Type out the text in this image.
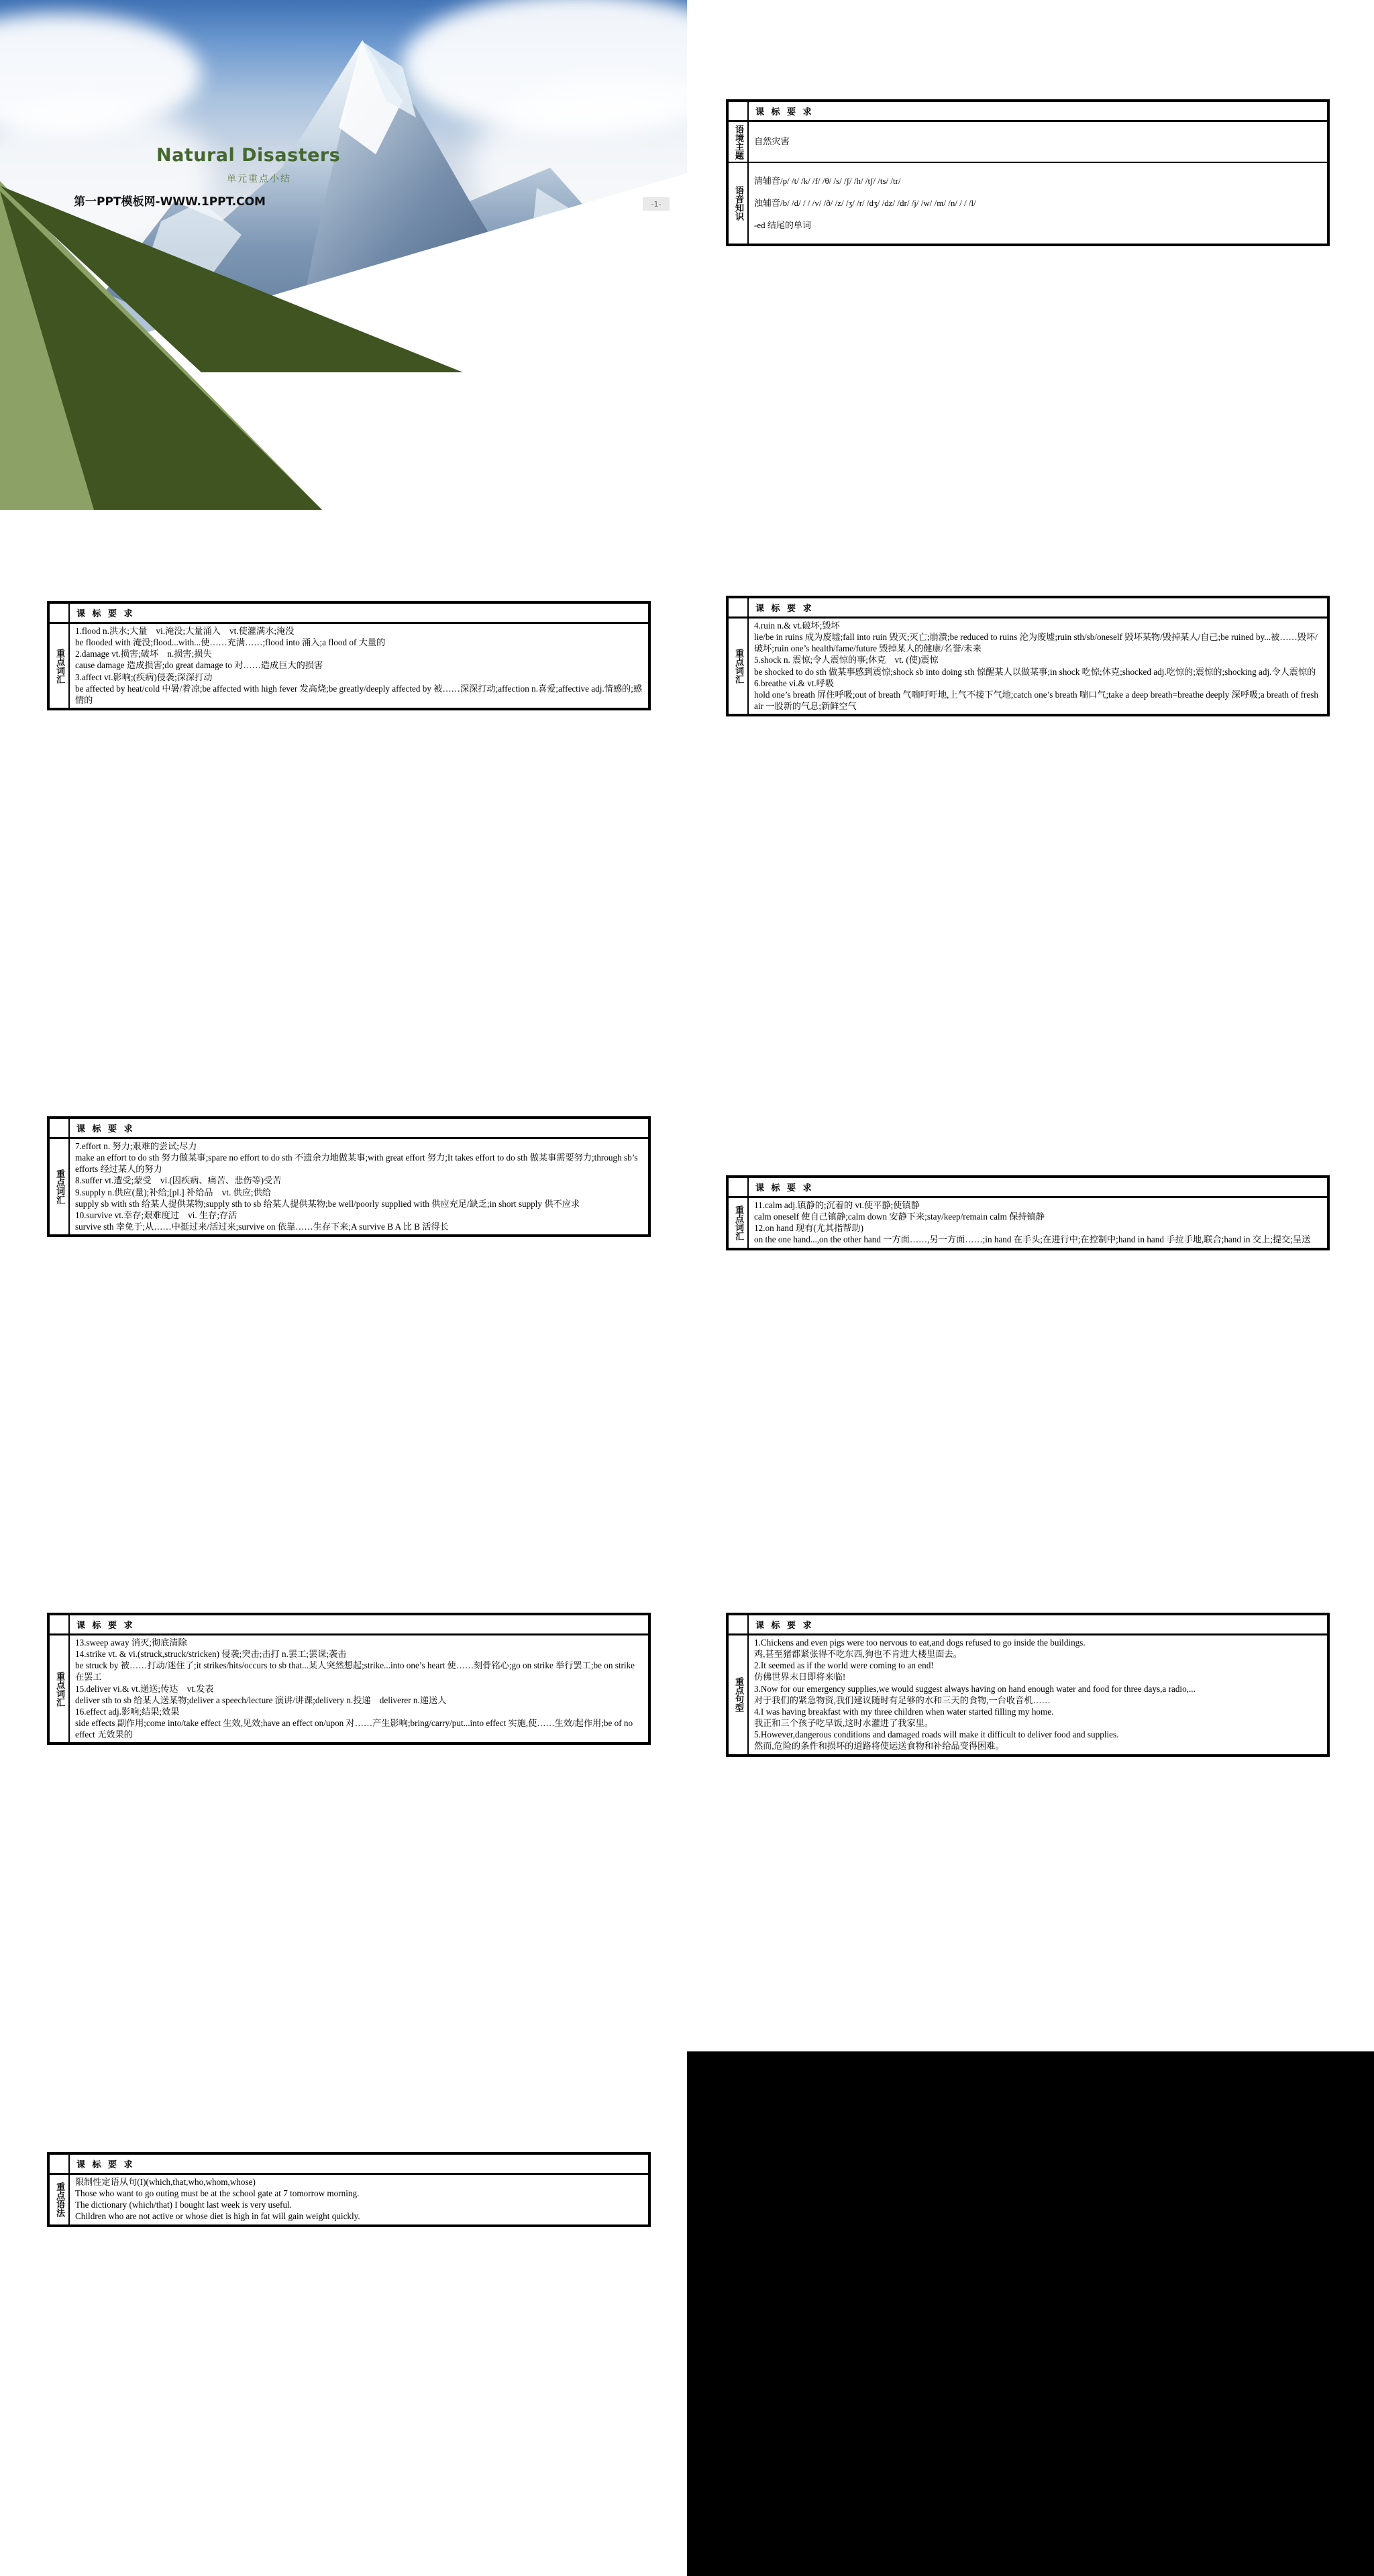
Natural Disasters
单元重点小结
第一PPT模板网-WWW.1PPT.COM	-1-
课 标 要 求
语境主题 自然灾害

语音知识

清辅音/p/ /t/ /k/ /f/ /θ/ /s/ /ʃ/ /h/ /tʃ/ /ts/ /tr/

浊辅音/b/ /d/ / / /v/ /ð/ /z/ /ʒ/ /r/ /dʒ/ /dz/ /dr/ /j/ /w/ /m/ /n/ / / /l/

-ed 结尾的单词

课 标 要 求
重点词汇

1.flood n.洪水;大量　vi.淹没;大量涌入　vt.使灌满水;淹没

be flooded with 淹没;flood...with...使……充满……;flood into 涌入;a flood of 大量的

2.damage vt.损害;破坏　n.损害;损失

cause damage 造成损害;do great damage to 对……造成巨大的损害

3.affect vt.影响;(疾病)侵袭;深深打动

be affected by heat/cold 中暑/着凉;be affected with high fever 发高烧;be greatly/deeply affected by 被……深深打动;affection n.喜爱;affective adj.情感的;感情的

课 标 要 求
重点词汇

4.ruin n.& vt.破坏;毁坏

lie/be in ruins 成为废墟;fall into ruin 毁灭;灭亡;崩溃;be reduced to ruins 沦为废墟;ruin sth/sb/oneself 毁坏某物/毁掉某人/自己;be ruined by...被……毁坏/破坏;ruin one’s health/fame/future 毁掉某人的健康/名誉/未来

5.shock n. 震惊;令人震惊的事;休克　vt. (使)震惊

be shocked to do sth 做某事感到震惊;shock sb into doing sth 惊醒某人以做某事;in shock 吃惊;休克;shocked adj.吃惊的;震惊的;shocking adj.令人震惊的

6.breathe vi.& vt.呼吸

hold one’s breath 屏住呼吸;out of breath 气喘吁吁地,上气不接下气地;catch one’s breath 喘口气;take a deep breath=breathe deeply 深呼吸;a breath of fresh air 一股新的气息;新鲜空气

课 标 要 求
重点词汇

7.effort n. 努力;艰难的尝试;尽力

make an effort to do sth 努力做某事;spare no effort to do sth 不遗余力地做某事;with great effort 努力;It takes effort to do sth 做某事需要努力;through sb’s efforts 经过某人的努力

8.suffer vt.遭受;蒙受　vi.(因疾病、痛苦、悲伤等)受苦

9.supply n.供应(量);补给;[pl.] 补给品　vt. 供应;供给

supply sb with sth 给某人提供某物;supply sth to sb 给某人提供某物;be well/poorly supplied with 供应充足/缺乏;in short supply 供不应求

10.survive vt.幸存;艰难度过　vi. 生存;存活

survive sth 幸免于;从……中挺过来/活过来;survive on 依靠……生存下来;A survive B A 比 B 活得长

课 标 要 求
重点词汇

11.calm adj.镇静的;沉着的 vt.使平静;使镇静

calm oneself 使自己镇静;calm down 安静下来;stay/keep/remain calm 保持镇静

12.on hand 现有(尤其指帮助)

on the one hand...,on the other hand 一方面……,另一方面……;in hand 在手头;在进行中;在控制中;hand in hand 手拉手地,联合;hand in 交上;提交;呈送

课 标 要 求
重点词汇

13.sweep away 消灭;彻底清除

14.strike vt. & vi.(struck,struck/stricken) 侵袭;突击;击打 n.罢工;罢课;袭击

be struck by 被……打动/迷住了;it strikes/hits/occurs to sb that...某人突然想起;strike...into one’s heart 使……刻骨铭心;go on strike 举行罢工;be on strike 在罢工

15.deliver vi.& vt.递送;传达　vt.发表

deliver sth to sb 给某人送某物;deliver a speech/lecture 演讲/讲课;delivery n.投递　deliverer n.递送人

16.effect adj.影响;结果;效果

side effects 副作用;come into/take effect 生效,见效;have an effect on/upon 对……产生影响;bring/carry/put...into effect 实施,使……生效/起作用;be of no effect 无效果的

课 标 要 求
重点句型

1.Chickens and even pigs were too nervous to eat,and dogs refused to go inside the buildings.

鸡,甚至猪都紧张得不吃东西,狗也不肯进大楼里面去。

2.It seemed as if the world were coming to an end!

仿佛世界末日即将来临!

3.Now for our emergency supplies,we would suggest always having on hand enough water and food for three days,a radio,...

对于我们的紧急物资,我们建议随时有足够的水和三天的食物,一台收音机……

4.I was having breakfast with my three children when water started filling my home.

我正和三个孩子吃早饭,这时水灌进了我家里。

5.However,dangerous conditions and damaged roads will make it difficult to deliver food and supplies.

然而,危险的条件和损坏的道路将使运送食物和补给品变得困难。

课 标 要 求
重点语法

限制性定语从句(I)(which,that,who,whom,whose)

Those who want to go outing must be at the school gate at 7 tomorrow morning.

The dictionary (which/that) I bought last week is very useful.

Children who are not active or whose diet is high in fat will gain weight quickly.
